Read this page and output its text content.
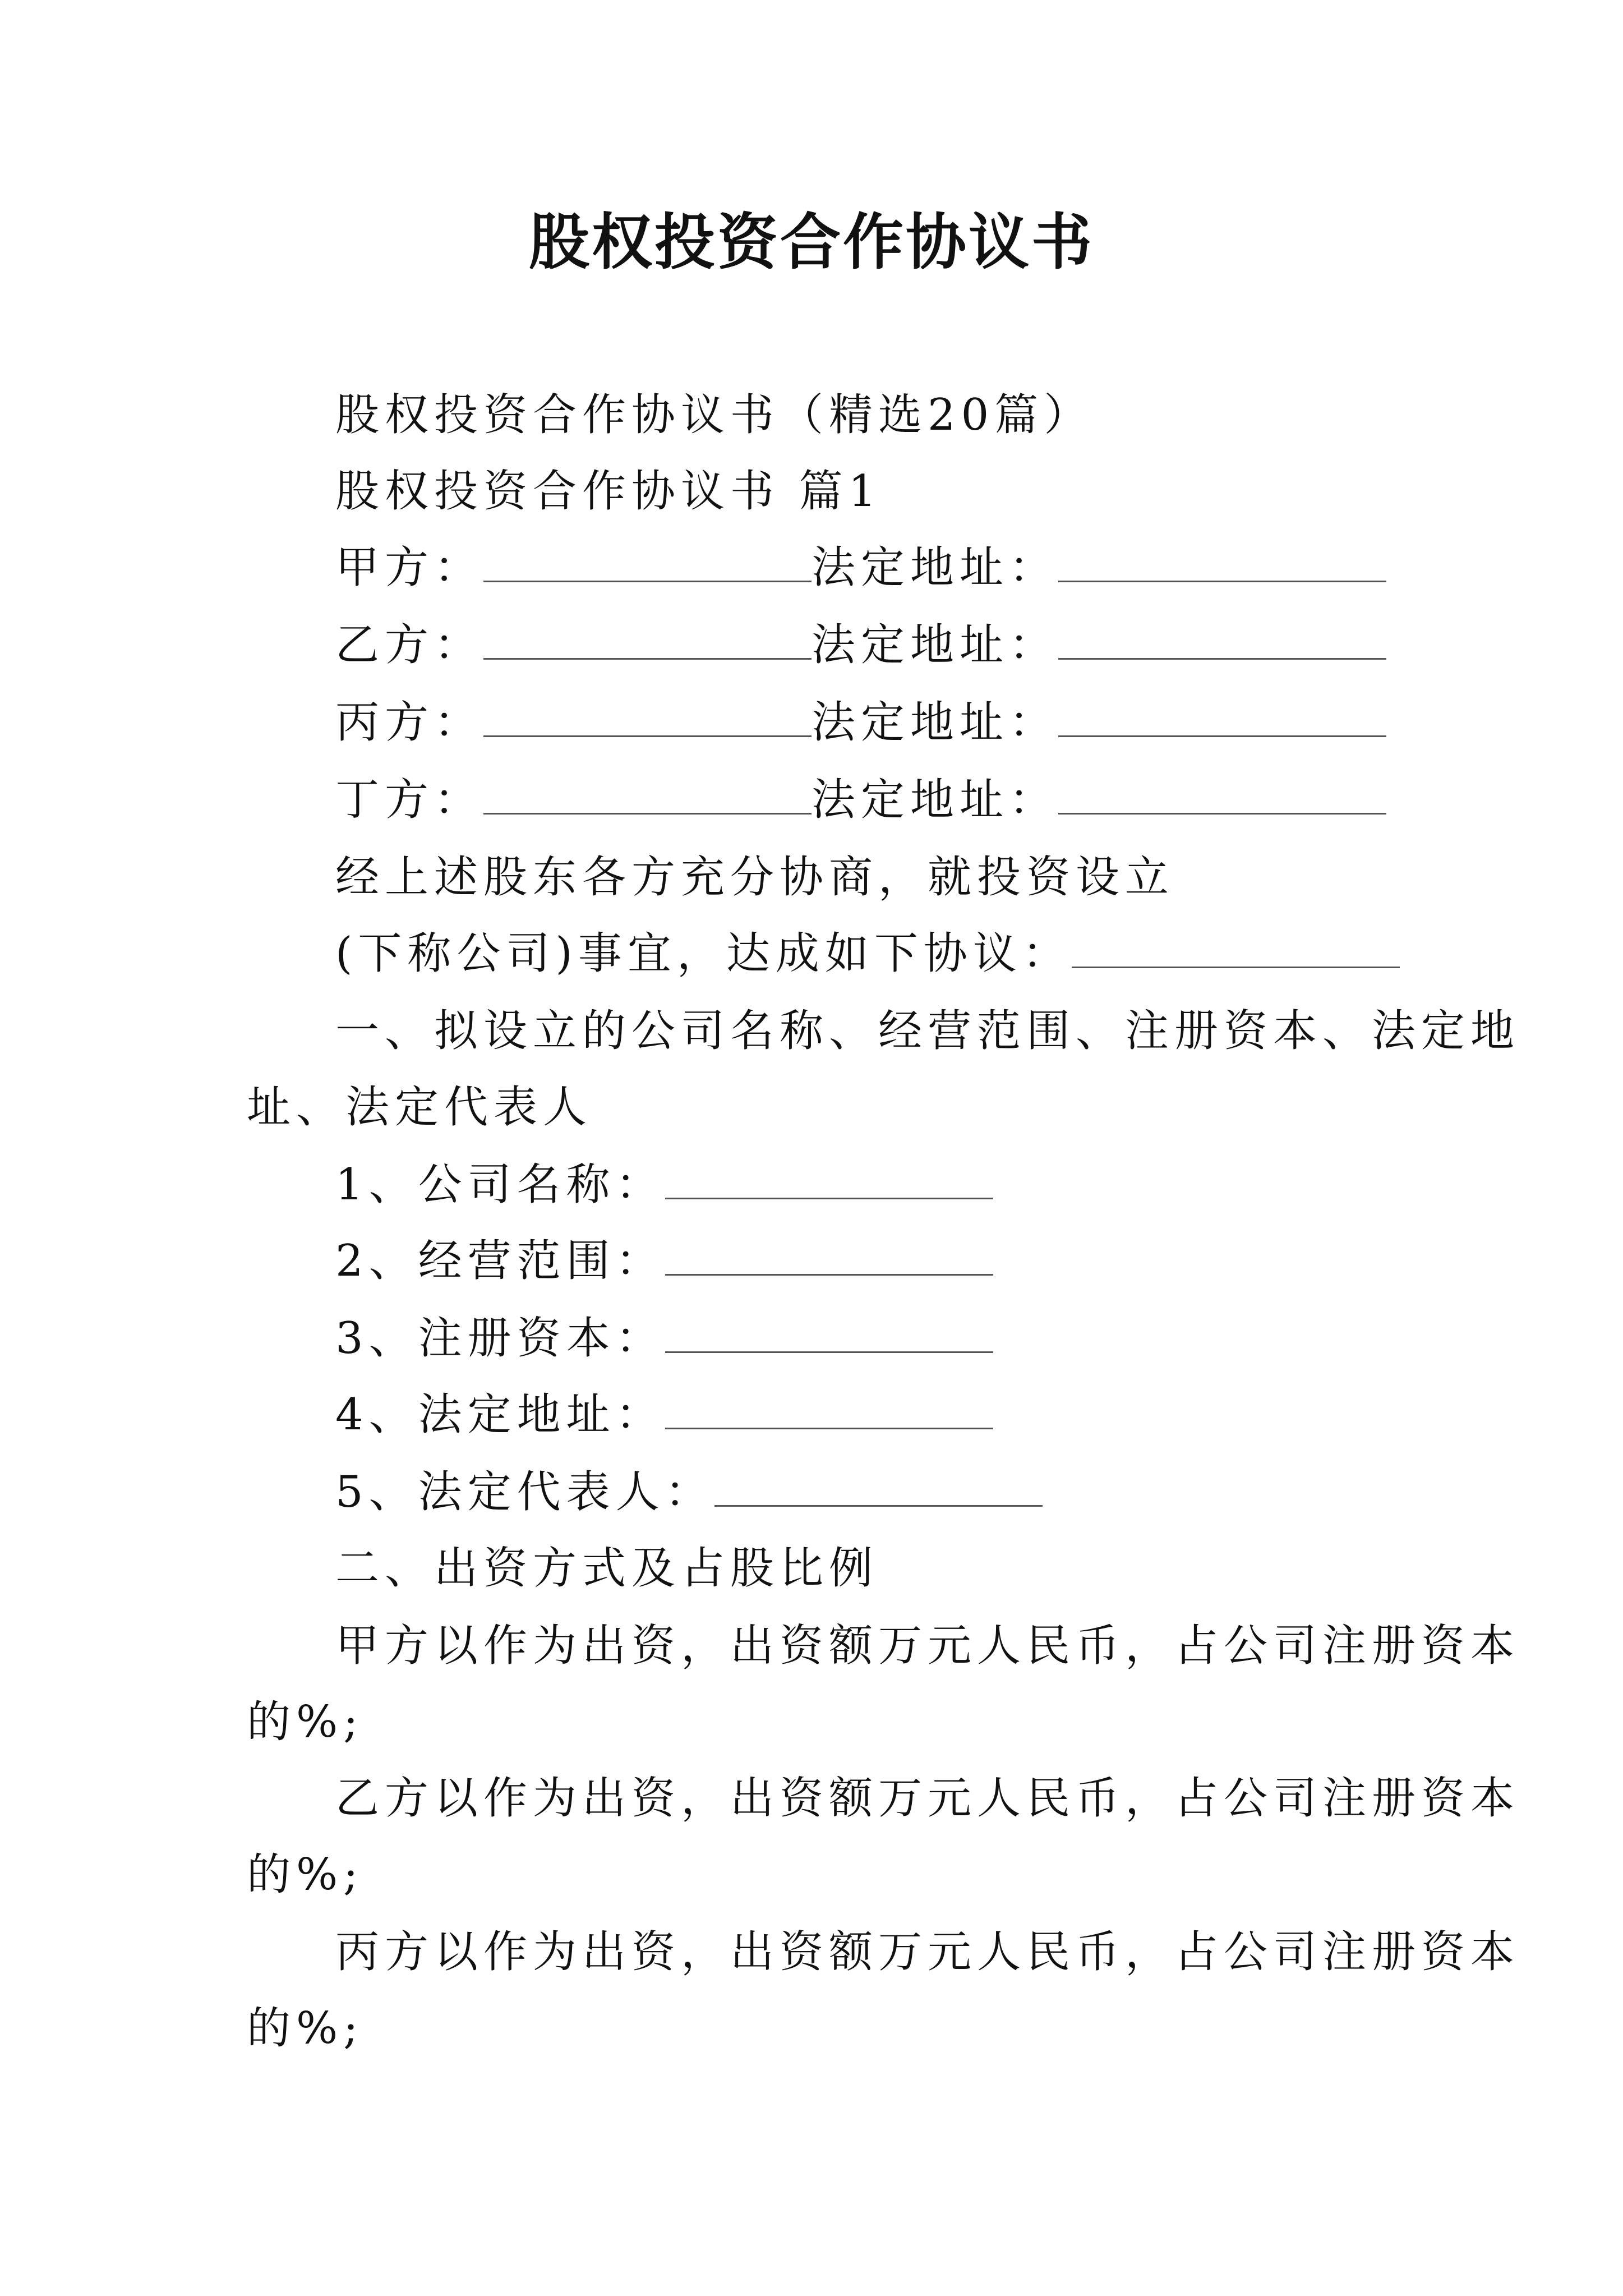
股权投资合作协议书
股权投资合作协议书（精选20篇）
股权投资合作协议书 篇1
甲方：	法定地址：
乙方：	法定地址：
丙方：	法定地址：
丁方：	法定地址：
经上述股东各方充分协商，就投资设立
(下称公司)事宜，达成如下协议：
一、拟设立的公司名称、经营范围、注册资本、法定地
址、法定代表人
1、公司名称：
2、经营范围：
3、注册资本：
4、法定地址：
5、法定代表人：
二、出资方式及占股比例
甲方以作为出资，出资额万元人民币，占公司注册资本
的%;
乙方以作为出资，出资额万元人民币，占公司注册资本
的%;
丙方以作为出资，出资额万元人民币，占公司注册资本
的%;
